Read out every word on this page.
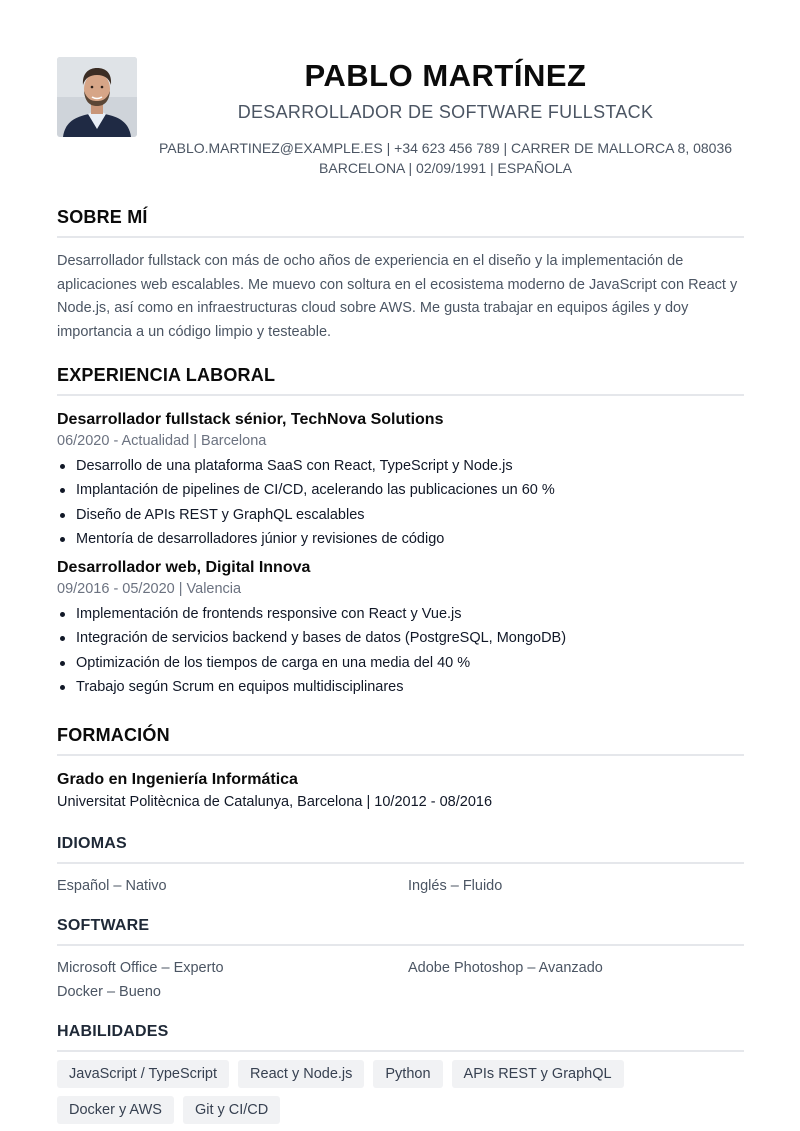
PABLO MARTÍNEZ
DESARROLLADOR DE SOFTWARE FULLSTACK
PABLO.MARTINEZ@EXAMPLE.ES | +34 623 456 789 | CARRER DE MALLORCA 8, 08036
BARCELONA | 02/09/1991 | ESPAÑOLA
SOBRE MÍ
Desarrollador fullstack con más de ocho años de experiencia en el diseño y la implementación de aplicaciones web escalables. Me muevo con soltura en el ecosistema moderno de JavaScript con React y Node.js, así como en infraestructuras cloud sobre AWS. Me gusta trabajar en equipos ágiles y doy importancia a un código limpio y testeable.
EXPERIENCIA LABORAL
Desarrollador fullstack sénior, TechNova Solutions
06/2020 - Actualidad | Barcelona
Desarrollo de una plataforma SaaS con React, TypeScript y Node.js
Implantación de pipelines de CI/CD, acelerando las publicaciones un 60 %
Diseño de APIs REST y GraphQL escalables
Mentoría de desarrolladores júnior y revisiones de código
Desarrollador web, Digital Innova
09/2016 - 05/2020 | Valencia
Implementación de frontends responsive con React y Vue.js
Integración de servicios backend y bases de datos (PostgreSQL, MongoDB)
Optimización de los tiempos de carga en una media del 40 %
Trabajo según Scrum en equipos multidisciplinares
FORMACIÓN
Grado en Ingeniería Informática
Universitat Politècnica de Catalunya, Barcelona | 10/2012 - 08/2016
IDIOMAS
Español – Nativo	Inglés – Fluido
SOFTWARE
Microsoft Office – Experto	Adobe Photoshop – Avanzado
Docker – Bueno
HABILIDADES
JavaScript / TypeScript	React y Node.js	Python	APIs REST y GraphQL
Docker y AWS	Git y CI/CD
